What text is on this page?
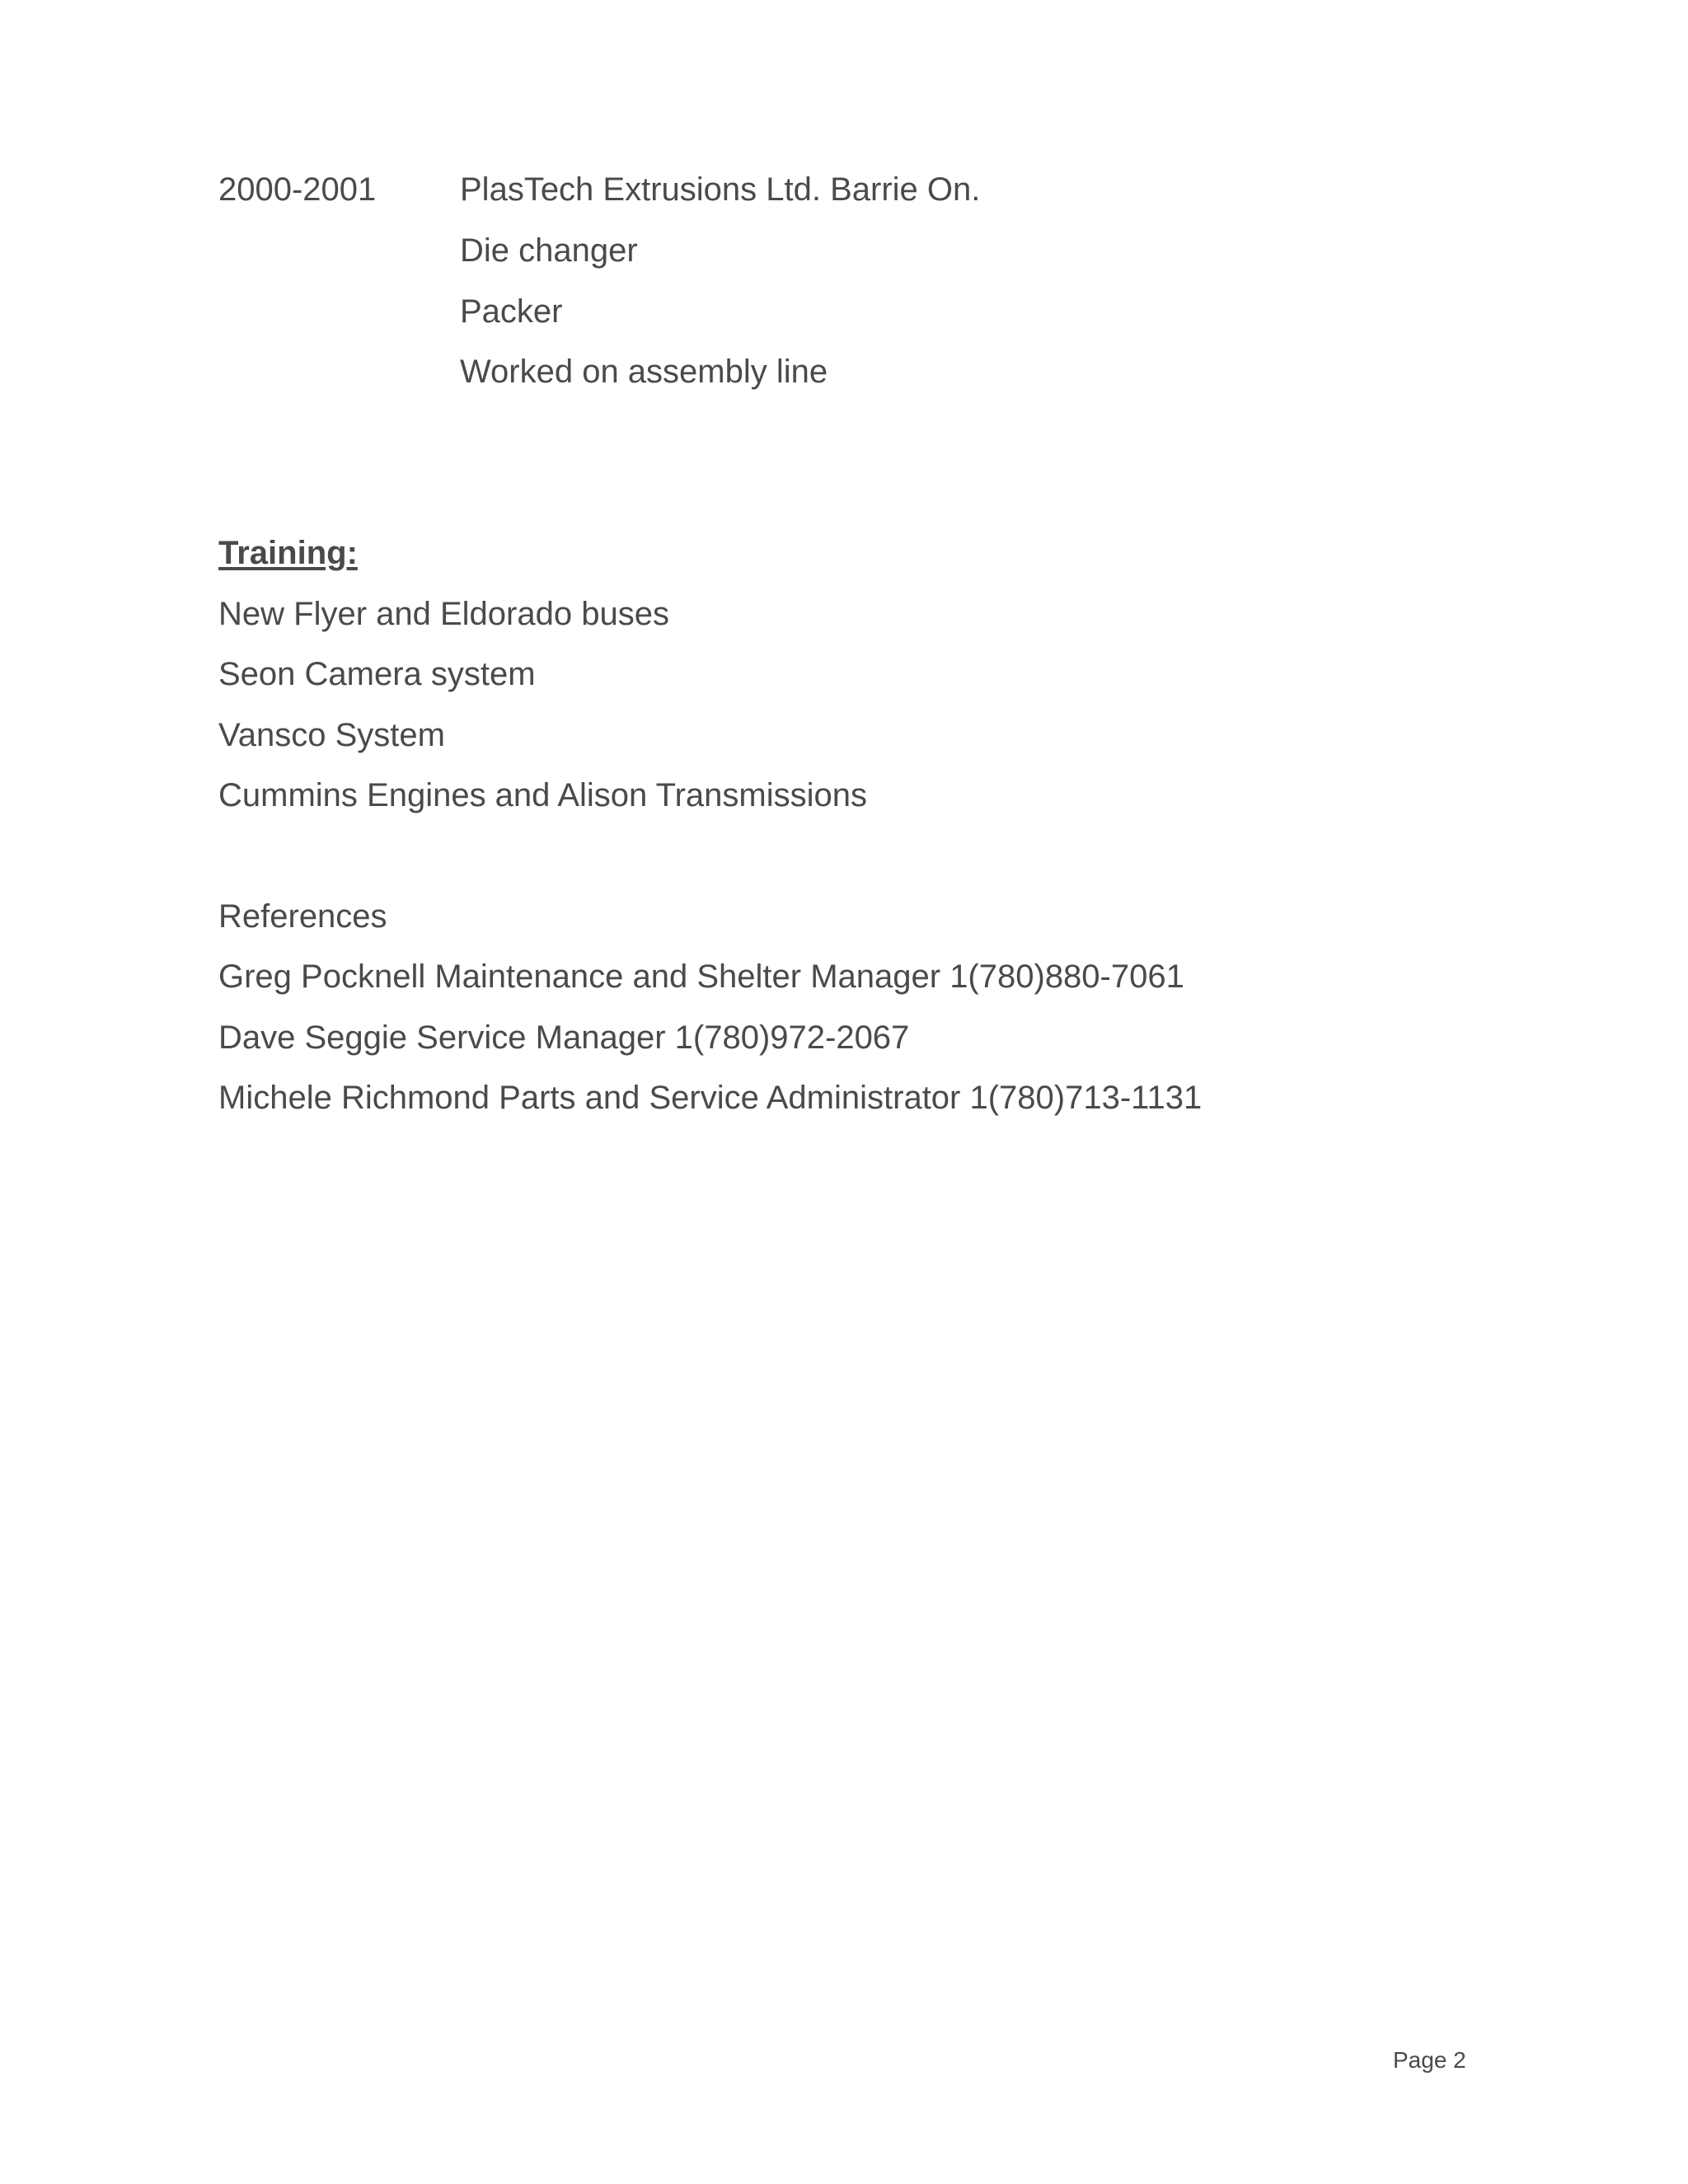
2000-2001	PlasTech Extrusions Ltd. Barrie On.
Die changer
Packer
Worked on assembly line
Training:
New Flyer and Eldorado buses
Seon Camera system
Vansco System
Cummins Engines and Alison Transmissions
References
Greg Pocknell Maintenance and Shelter Manager 1(780)880-7061
Dave Seggie Service Manager 1(780)972-2067
Michele Richmond Parts and Service Administrator 1(780)713-1131
Page 2
